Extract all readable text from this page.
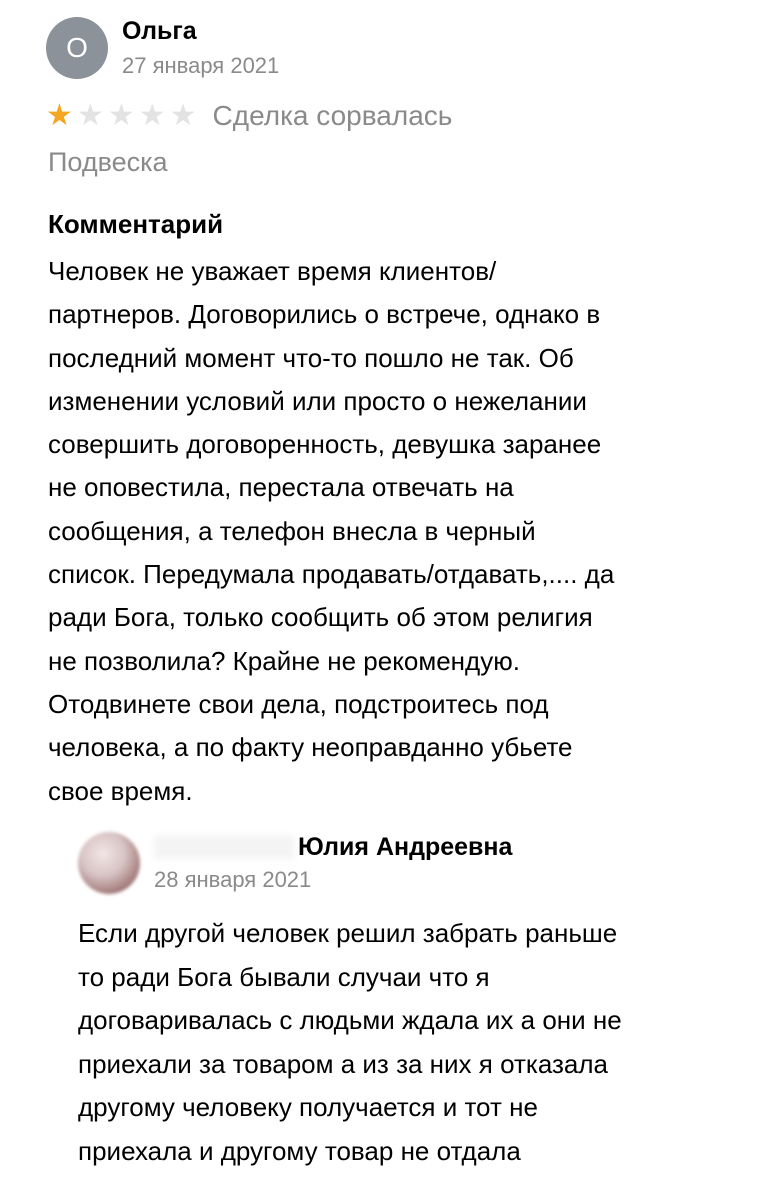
О
Ольга
27 января 2021
★ ★ ★ ★ ★ Сделка сорвалась
Подвеска
Комментарий
Человек не уважает время клиентов/
партнеров. Договорились о встрече, однако в
последний момент что-то пошло не так. Об
изменении условий или просто о нежелании
совершить договоренность, девушка заранее
не оповестила, перестала отвечать на
сообщения, а телефон внесла в черный
список. Передумала продавать/отдавать,.... да
ради Бога, только сообщить об этом религия
не позволила? Крайне не рекомендую.
Отодвинете свои дела, подстроитесь под
человека, а по факту неоправданно убьете
свое время.
Юлия Андреевна
28 января 2021
Если другой человек решил забрать раньше
то ради Бога бывали случаи что я
договаривалась с людьми ждала их а они не
приехали за товаром а из за них я отказала
другому человеку получается и тот не
приехала и другому товар не отдала
